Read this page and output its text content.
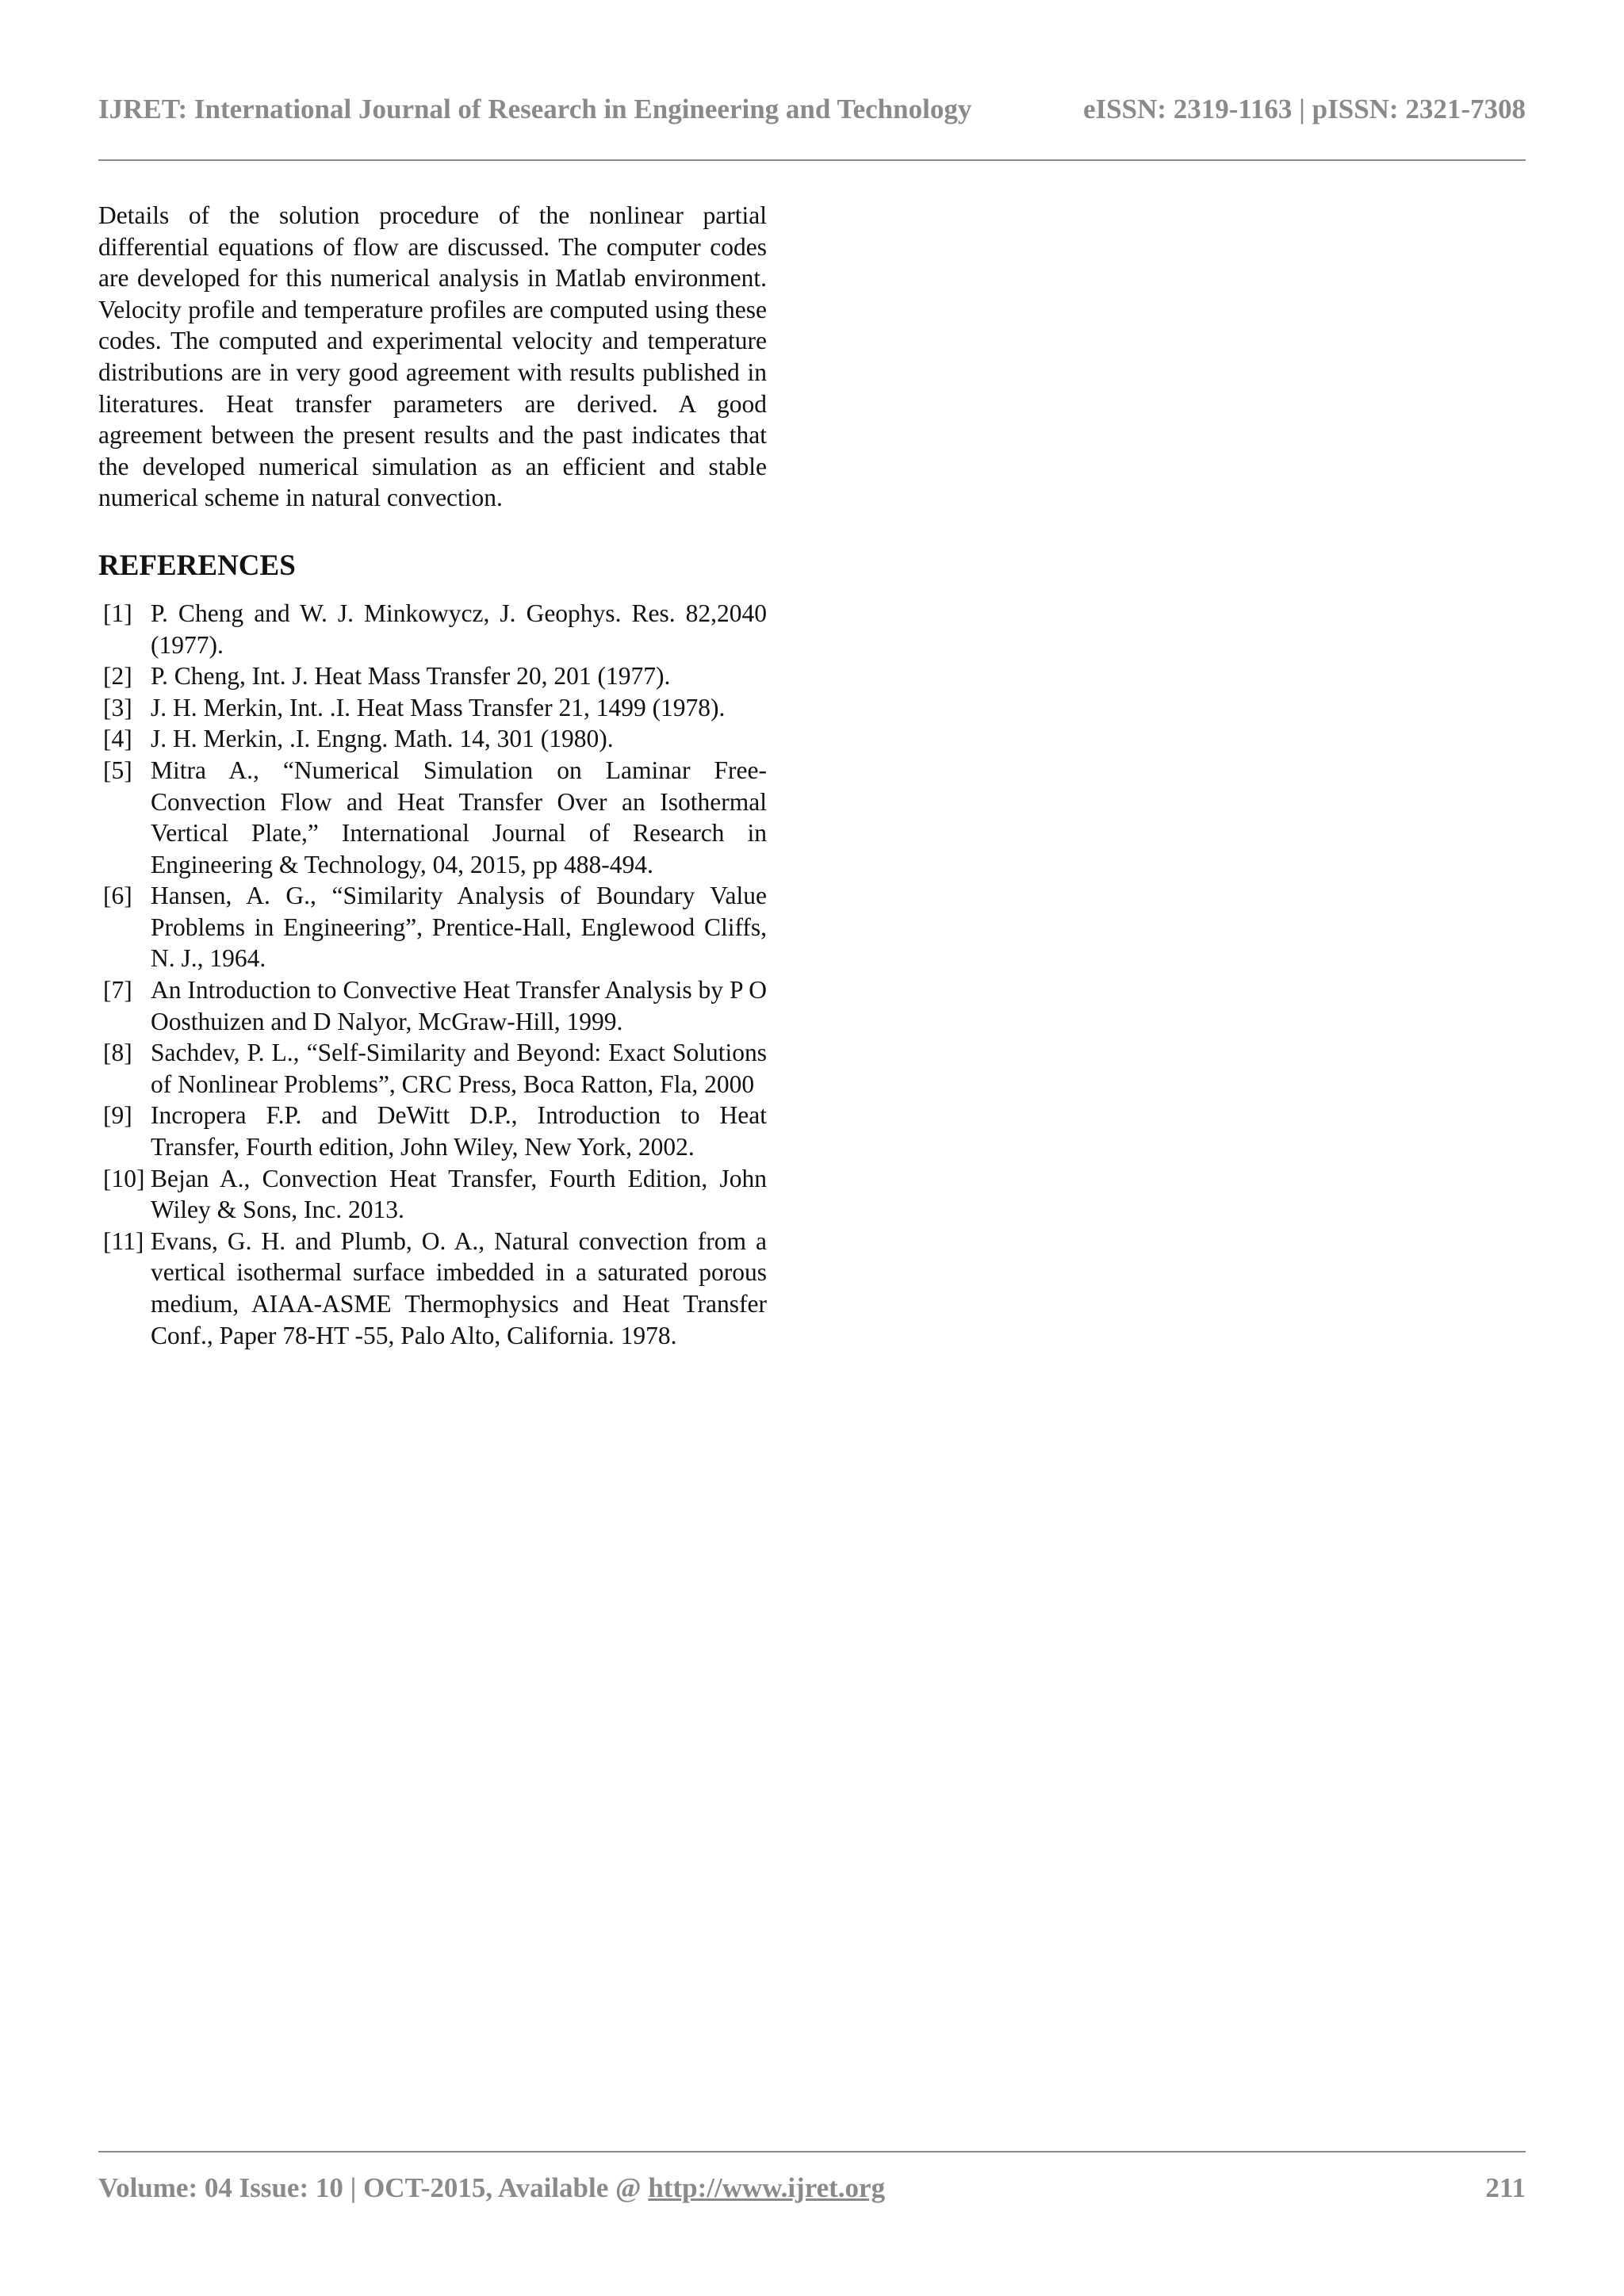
IJRET: International Journal of Research in Engineering and Technology	eISSN: 2319-1163 | pISSN: 2321-7308

Details of the solution procedure of the nonlinear partial differential equations of flow are discussed. The computer codes are developed for this numerical analysis in Matlab environment. Velocity profile and temperature profiles are computed using these codes. The computed and experimental velocity and temperature distributions are in very good agreement with results published in literatures. Heat transfer parameters are derived. A good agreement between the present results and the past indicates that the developed numerical simulation as an efficient and stable numerical scheme in natural convection.

REFERENCES
[1] P. Cheng and W. J. Minkowycz, J. Geophys. Res. 82,2040 (1977).
[2] P. Cheng, Int. J. Heat Mass Transfer 20, 201 (1977).
[3] J. H. Merkin, Int. .I. Heat Mass Transfer 21, 1499 (1978).
[4] J. H. Merkin, .I. Engng. Math. 14, 301 (1980).
[5] Mitra A., “Numerical Simulation on Laminar Free-Convection Flow and Heat Transfer Over an Isothermal Vertical Plate,” International Journal of Research in Engineering & Technology, 04, 2015, pp 488-494.
[6] Hansen, A. G., “Similarity Analysis of Boundary Value Problems in Engineering”, Prentice-Hall, Englewood Cliffs, N. J., 1964.
[7] An Introduction to Convective Heat Transfer Analysis by P O Oosthuizen and D Nalyor, McGraw-Hill, 1999.
[8] Sachdev, P. L., “Self-Similarity and Beyond: Exact Solutions of Nonlinear Problems”, CRC Press, Boca Ratton, Fla, 2000
[9] Incropera F.P. and DeWitt D.P., Introduction to Heat Transfer, Fourth edition, John Wiley, New York, 2002.
[10] Bejan A., Convection Heat Transfer, Fourth Edition, John Wiley & Sons, Inc. 2013.
[11] Evans, G. H. and Plumb, O. A., Natural convection from a vertical isothermal surface imbedded in a saturated porous medium, AIAA-ASME Thermophysics and Heat Transfer Conf., Paper 78-HT -55, Palo Alto, California. 1978.
Volume: 04 Issue: 10 | OCT-2015, Available @ http://www.ijret.org	211
